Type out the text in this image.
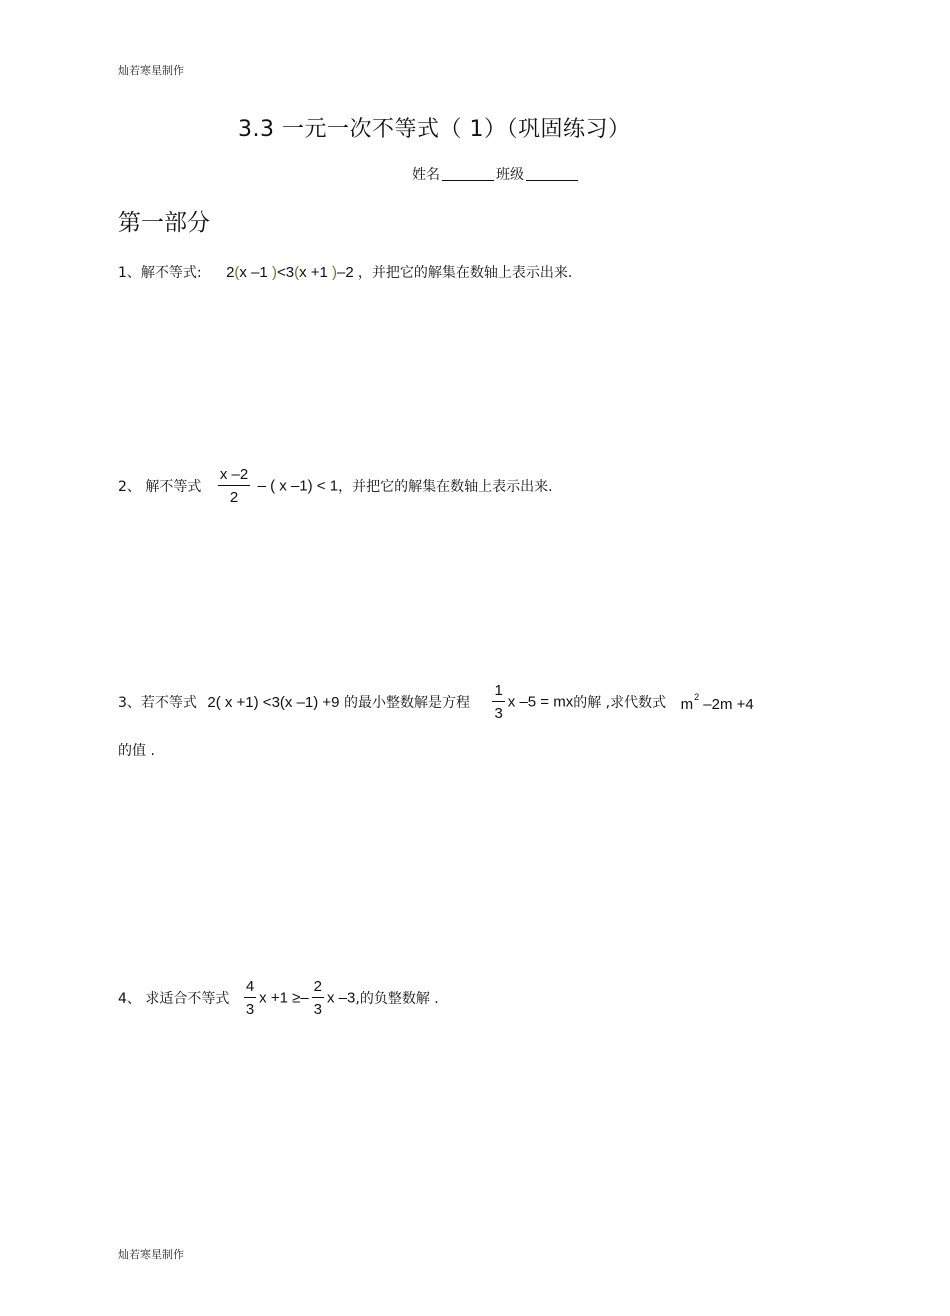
灿若寒星制作
3.3 一元一次不等式（ 1）（巩固练习）
姓名	班级
第一部分
1、解不等式: 2(x –1 )<3(x +1 )–2 ，并把它的解集在数轴上表示出来.
2、 解不等式 $\frac{x -2}{2}$ – ( x –1) < 1，并把它的解集在数轴上表示出来.
3、若不等式 2( x +1) <3(x –1) +9 的最小整数解是方程 $\frac{1}{3}$ x –5 = mx的解 ,求代数式 $m^2$ –2m +4
的值 .
4、 求适合不等式 $\frac{4}{3}$ $x +1 \ge- \frac{2}{3}$ x –3,的负整数解 .
灿若寒星制作
